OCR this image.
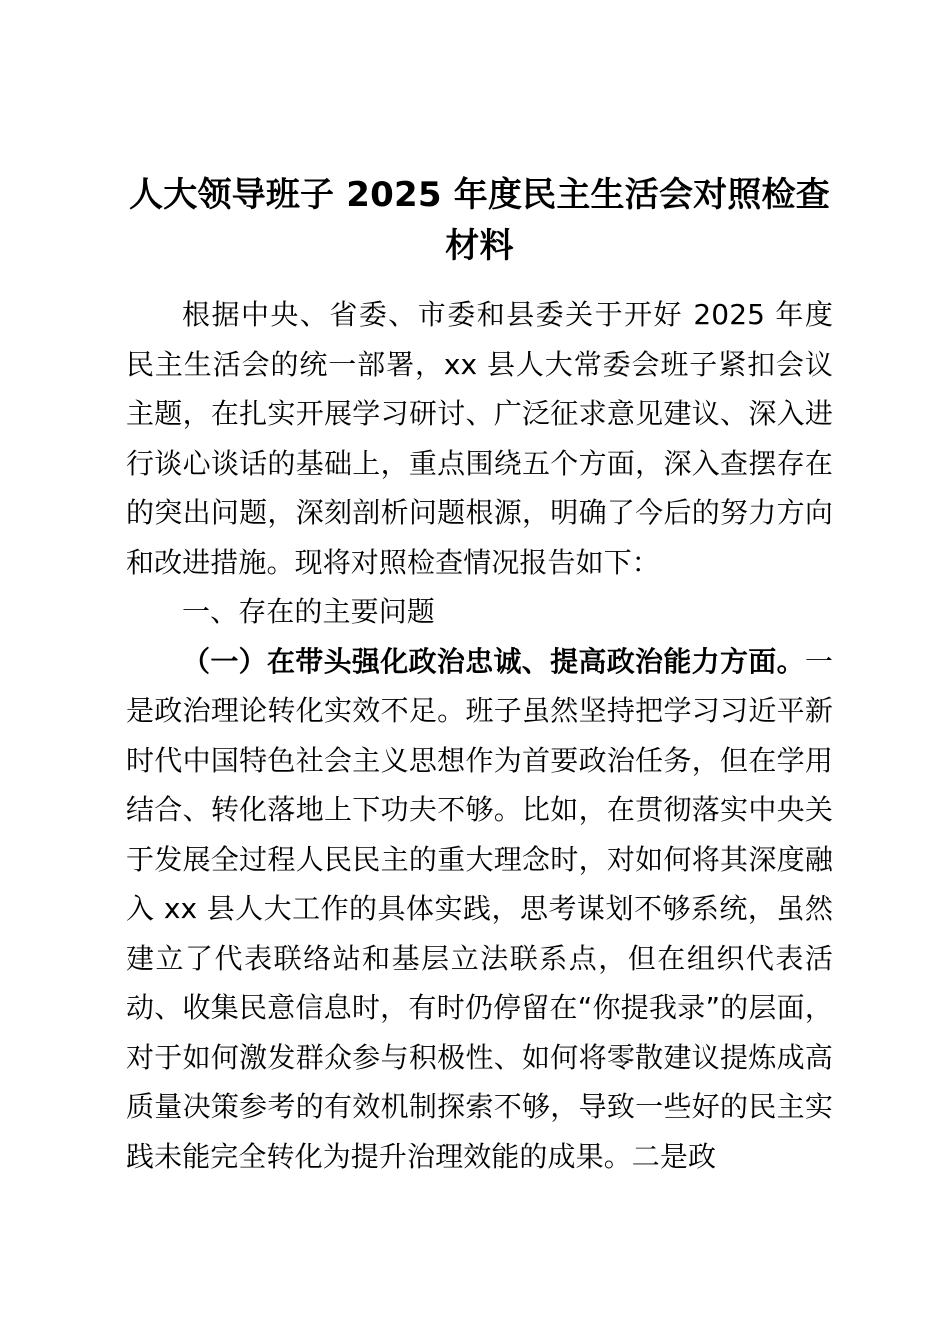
人大领导班子 2025 年度民主生活会对照检查材料

根据中央、省委、市委和县委关于开好 2025 年度民主生活会的统一部署，xx 县人大常委会班子紧扣会议主题，在扎实开展学习研讨、广泛征求意见建议、深入进行谈心谈话的基础上，重点围绕五个方面，深入查摆存在的突出问题，深刻剖析问题根源，明确了今后的努力方向和改进措施。现将对照检查情况报告如下：

一、存在的主要问题

（一）在带头强化政治忠诚、提高政治能力方面。一是政治理论转化实效不足。班子虽然坚持把学习习近平新时代中国特色社会主义思想作为首要政治任务，但在学用结合、转化落地上下功夫不够。比如，在贯彻落实中央关于发展全过程人民民主的重大理念时，对如何将其深度融入 xx 县人大工作的具体实践，思考谋划不够系统，虽然建立了代表联络站和基层立法联系点，但在组织代表活动、收集民意信息时，有时仍停留在“你提我录”的层面，对于如何激发群众参与积极性、如何将零散建议提炼成高质量决策参考的有效机制探索不够，导致一些好的民主实践未能完全转化为提升治理效能的成果。二是政
